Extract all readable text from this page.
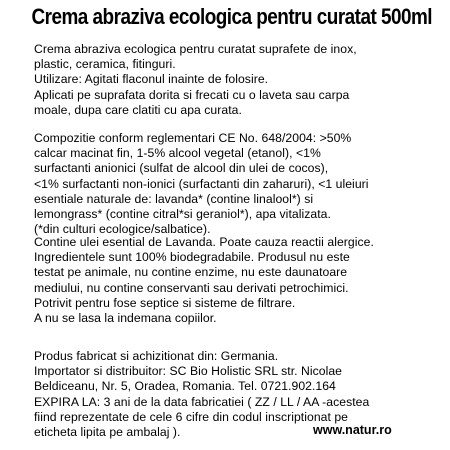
Crema abraziva ecologica pentru curatat 500ml
Crema abraziva ecologica pentru curatat suprafete de inox,
plastic, ceramica, fitinguri.
Utilizare: Agitati flaconul inainte de folosire.
Aplicati pe suprafata dorita si frecati cu o laveta sau carpa
moale, dupa care clatiti cu apa curata.
Compozitie conform reglementari CE No. 648/2004: >50%
calcar macinat fin, 1-5% alcool vegetal (etanol), <1%
surfactanti anionici (sulfat de alcool din ulei de cocos),
<1% surfactanti non-ionici (surfactanti din zaharuri), <1 uleiuri
esentiale naturale de: lavanda* (contine linalool*) si
lemongrass* (contine citral*si geraniol*), apa vitalizata.
(*din culturi ecologice/salbatice).
Contine ulei esential de Lavanda. Poate cauza reactii alergice.
Ingredientele sunt 100% biodegradabile. Produsul nu este
testat pe animale, nu contine enzime, nu este daunatoare
mediului, nu contine conservanti sau derivati petrochimici.
Potrivit pentru fose septice si sisteme de filtrare.
A nu se lasa la indemana copiilor.
Produs fabricat si achizitionat din: Germania.
Importator si distribuitor: SC Bio Holistic SRL str. Nicolae
Beldiceanu, Nr. 5, Oradea, Romania. Tel. 0721.902.164
EXPIRA LA: 3 ani de la data fabricatiei ( ZZ / LL / AA -acestea
fiind reprezentate de cele 6 cifre din codul inscriptionat pe
eticheta lipita pe ambalaj ).	www.natur.ro
